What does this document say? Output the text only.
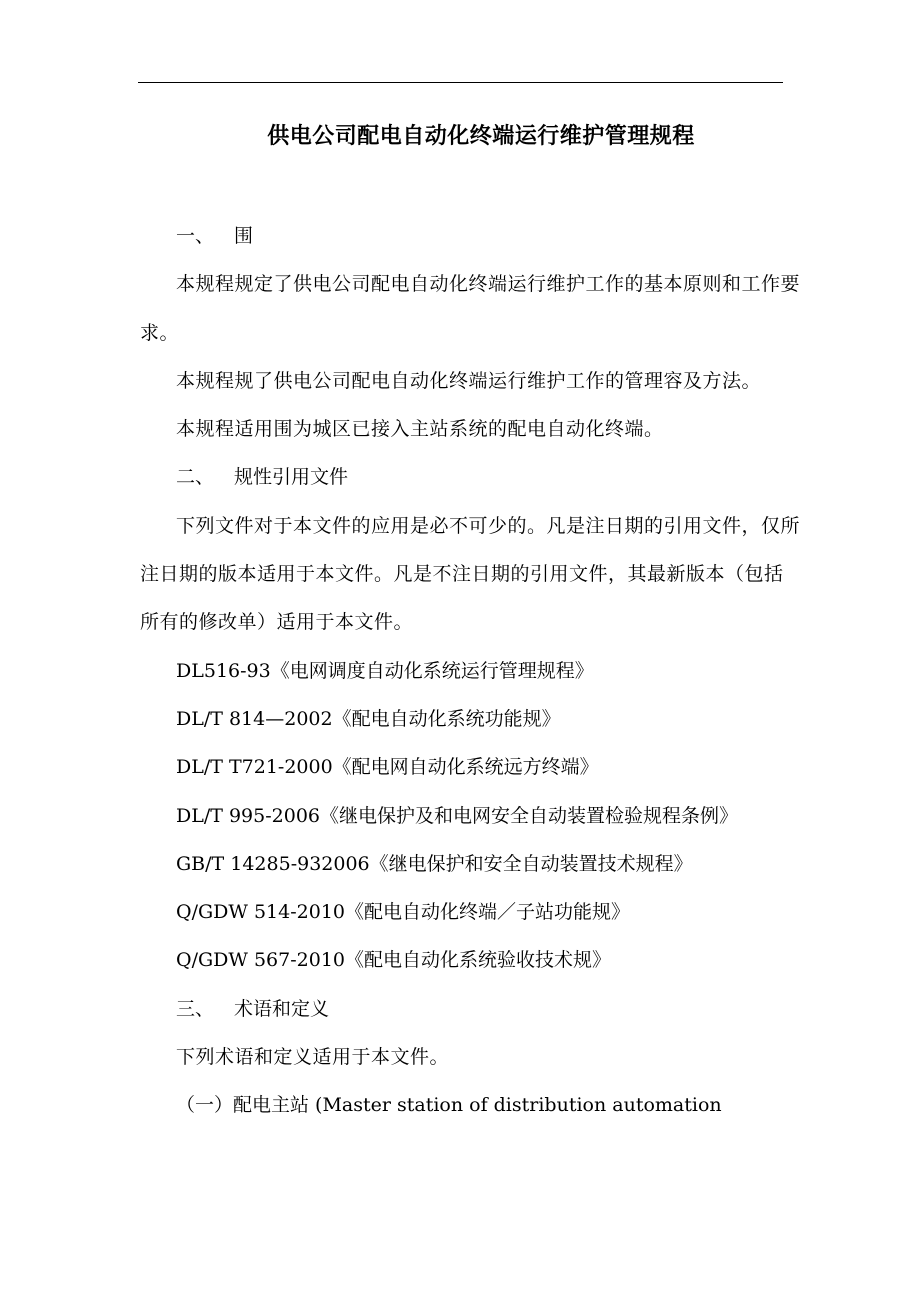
供电公司配电自动化终端运行维护管理规程

一、 围

本规程规定了供电公司配电自动化终端运行维护工作的基本原则和工作要求。

本规程规了供电公司配电自动化终端运行维护工作的管理容及方法。

本规程适用围为城区已接入主站系统的配电自动化终端。

二、 规性引用文件

下列文件对于本文件的应用是必不可少的。凡是注日期的引用文件，仅所注日期的版本适用于本文件。凡是不注日期的引用文件，其最新版本（包括所有的修改单）适用于本文件。

DL516-93《电网调度自动化系统运行管理规程》

DL/T 814—2002《配电自动化系统功能规》

DL/T T721-2000《配电网自动化系统远方终端》

DL/T 995-2006《继电保护及和电网安全自动装置检验规程条例》

GB/T 14285-932006《继电保护和安全自动装置技术规程》

Q/GDW 514-2010《配电自动化终端／子站功能规》

Q/GDW 567-2010《配电自动化系统验收技术规》

三、 术语和定义

下列术语和定义适用于本文件。

（一）配电主站 (Master station of distribution automation
